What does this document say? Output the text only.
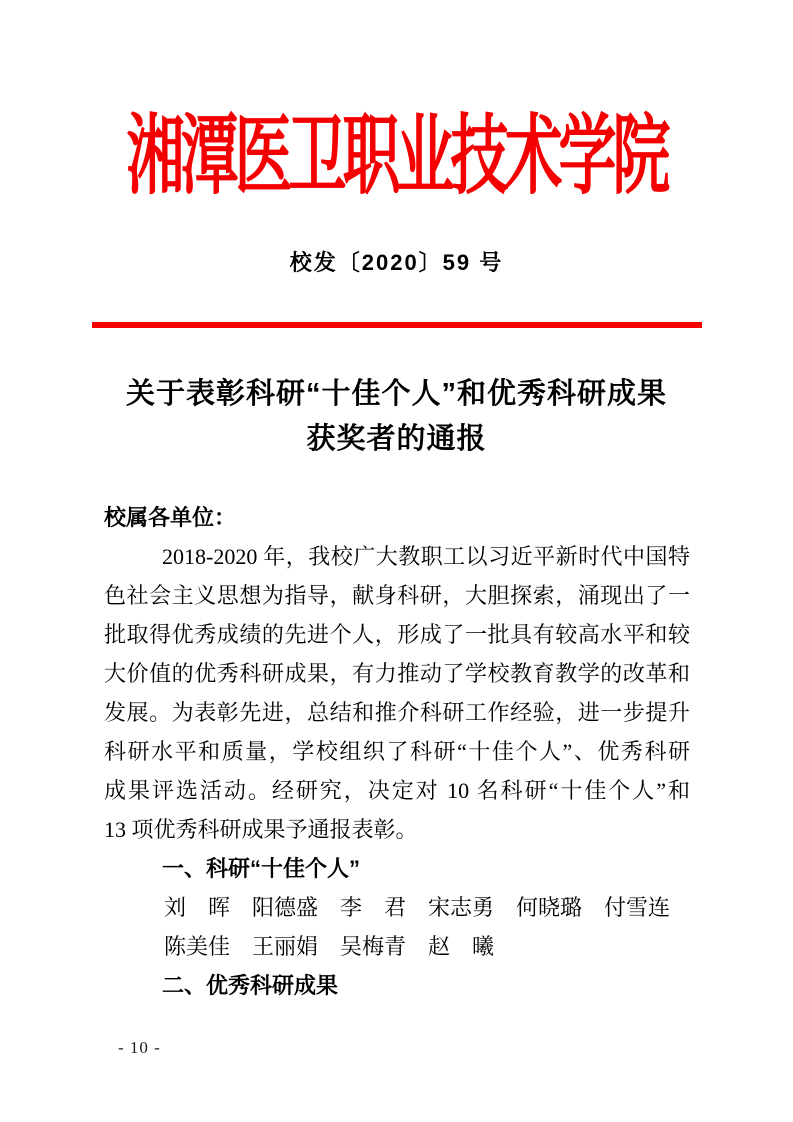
湘潭医卫职业技术学院
校发〔2020〕59 号
关于表彰科研“十佳个人”和优秀科研成果
获奖者的通报
校属各单位：
2018-2020 年，我校广大教职工以习近平新时代中国特
色社会主义思想为指导，献身科研，大胆探索，涌现出了一
批取得优秀成绩的先进个人，形成了一批具有较高水平和较
大价值的优秀科研成果，有力推动了学校教育教学的改革和
发展。为表彰先进，总结和推介科研工作经验，进一步提升
科研水平和质量，学校组织了科研“十佳个人”、优秀科研
成果评选活动。经研究，决定对 10 名科研“十佳个人”和
13 项优秀科研成果予通报表彰。
一、科研“十佳个人”
刘　晖　阳德盛　李　君　宋志勇　何晓璐　付雪连
陈美佳　王丽娟　吴梅青　赵　曦
二、优秀科研成果
- 10 -
